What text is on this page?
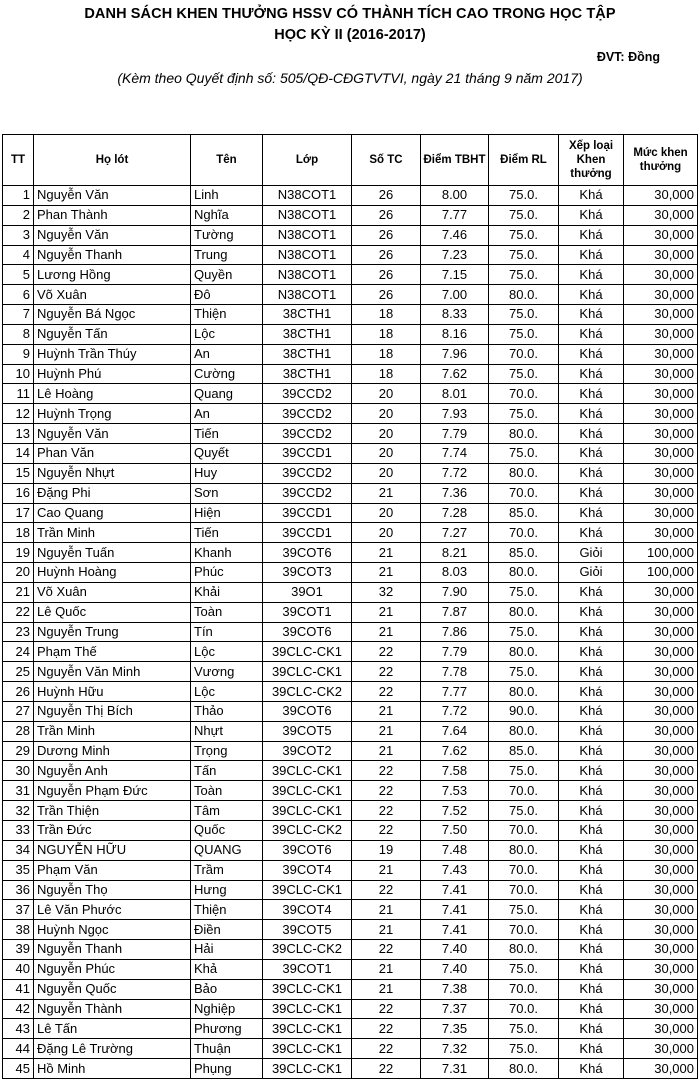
DANH SÁCH KHEN THƯỞNG HSSV CÓ THÀNH TÍCH CAO TRONG HỌC TẬP
HỌC KỲ II (2016-2017)
ĐVT: Đồng
(Kèm theo Quyết định số: 505/QĐ-CĐGTVTVI, ngày 21 tháng 9 năm 2017)
TT	Họ lót	Tên	Lớp	Số TC	Điểm TBHT	Điểm RL	Xếp loại Khen thưởng	Mức khen thưởng
1	Nguyễn Văn	Linh	N38COT1	26	8.00	75.0.	Khá	30,000
2	Phan Thành	Nghĩa	N38COT1	26	7.77	75.0.	Khá	30,000
3	Nguyễn Văn	Tường	N38COT1	26	7.46	75.0.	Khá	30,000
4	Nguyễn Thanh	Trung	N38COT1	26	7.23	75.0.	Khá	30,000
5	Lương Hồng	Quyền	N38COT1	26	7.15	75.0.	Khá	30,000
6	Võ Xuân	Đô	N38COT1	26	7.00	80.0.	Khá	30,000
7	Nguyễn Bá Ngọc	Thiện	38CTH1	18	8.33	75.0.	Khá	30,000
8	Nguyễn Tấn	Lộc	38CTH1	18	8.16	75.0.	Khá	30,000
9	Huỳnh Trần Thúy	An	38CTH1	18	7.96	70.0.	Khá	30,000
10	Huỳnh Phú	Cường	38CTH1	18	7.62	75.0.	Khá	30,000
11	Lê Hoàng	Quang	39CCD2	20	8.01	70.0.	Khá	30,000
12	Huỳnh Trọng	An	39CCD2	20	7.93	75.0.	Khá	30,000
13	Nguyễn Văn	Tiến	39CCD2	20	7.79	80.0.	Khá	30,000
14	Phan Văn	Quyết	39CCD1	20	7.74	75.0.	Khá	30,000
15	Nguyễn Nhựt	Huy	39CCD2	20	7.72	80.0.	Khá	30,000
16	Đặng Phi	Sơn	39CCD2	21	7.36	70.0.	Khá	30,000
17	Cao Quang	Hiện	39CCD1	20	7.28	85.0.	Khá	30,000
18	Trần Minh	Tiến	39CCD1	20	7.27	70.0.	Khá	30,000
19	Nguyễn Tuấn	Khanh	39COT6	21	8.21	85.0.	Giỏi	100,000
20	Huỳnh Hoàng	Phúc	39COT3	21	8.03	80.0.	Giỏi	100,000
21	Võ Xuân	Khải	39O1	32	7.90	75.0.	Khá	30,000
22	Lê Quốc	Toàn	39COT1	21	7.87	80.0.	Khá	30,000
23	Nguyễn Trung	Tín	39COT6	21	7.86	75.0.	Khá	30,000
24	Phạm Thế	Lộc	39CLC-CK1	22	7.79	80.0.	Khá	30,000
25	Nguyễn Văn Minh	Vương	39CLC-CK1	22	7.78	75.0.	Khá	30,000
26	Huỳnh Hữu	Lộc	39CLC-CK2	22	7.77	80.0.	Khá	30,000
27	Nguyễn Thị Bích	Thảo	39COT6	21	7.72	90.0.	Khá	30,000
28	Trần Minh	Nhựt	39COT5	21	7.64	80.0.	Khá	30,000
29	Dương Minh	Trọng	39COT2	21	7.62	85.0.	Khá	30,000
30	Nguyễn Anh	Tấn	39CLC-CK1	22	7.58	75.0.	Khá	30,000
31	Nguyễn Phạm Đức	Toàn	39CLC-CK1	22	7.53	70.0.	Khá	30,000
32	Trần Thiện	Tâm	39CLC-CK1	22	7.52	75.0.	Khá	30,000
33	Trần Đức	Quốc	39CLC-CK2	22	7.50	70.0.	Khá	30,000
34	NGUYỄN HỮU	QUANG	39COT6	19	7.48	80.0.	Khá	30,000
35	Phạm Văn	Trầm	39COT4	21	7.43	70.0.	Khá	30,000
36	Nguyễn Thọ	Hưng	39CLC-CK1	22	7.41	70.0.	Khá	30,000
37	Lê Văn Phước	Thiện	39COT4	21	7.41	75.0.	Khá	30,000
38	Huỳnh Ngọc	Điền	39COT5	21	7.41	70.0.	Khá	30,000
39	Nguyễn Thanh	Hải	39CLC-CK2	22	7.40	80.0.	Khá	30,000
40	Nguyễn Phúc	Khả	39COT1	21	7.40	75.0.	Khá	30,000
41	Nguyễn Quốc	Bảo	39CLC-CK1	21	7.38	70.0.	Khá	30,000
42	Nguyễn Thành	Nghiệp	39CLC-CK1	22	7.37	70.0.	Khá	30,000
43	Lê Tấn	Phương	39CLC-CK1	22	7.35	75.0.	Khá	30,000
44	Đặng Lê Trường	Thuận	39CLC-CK1	22	7.32	75.0.	Khá	30,000
45	Hồ Minh	Phụng	39CLC-CK1	22	7.31	80.0.	Khá	30,000
